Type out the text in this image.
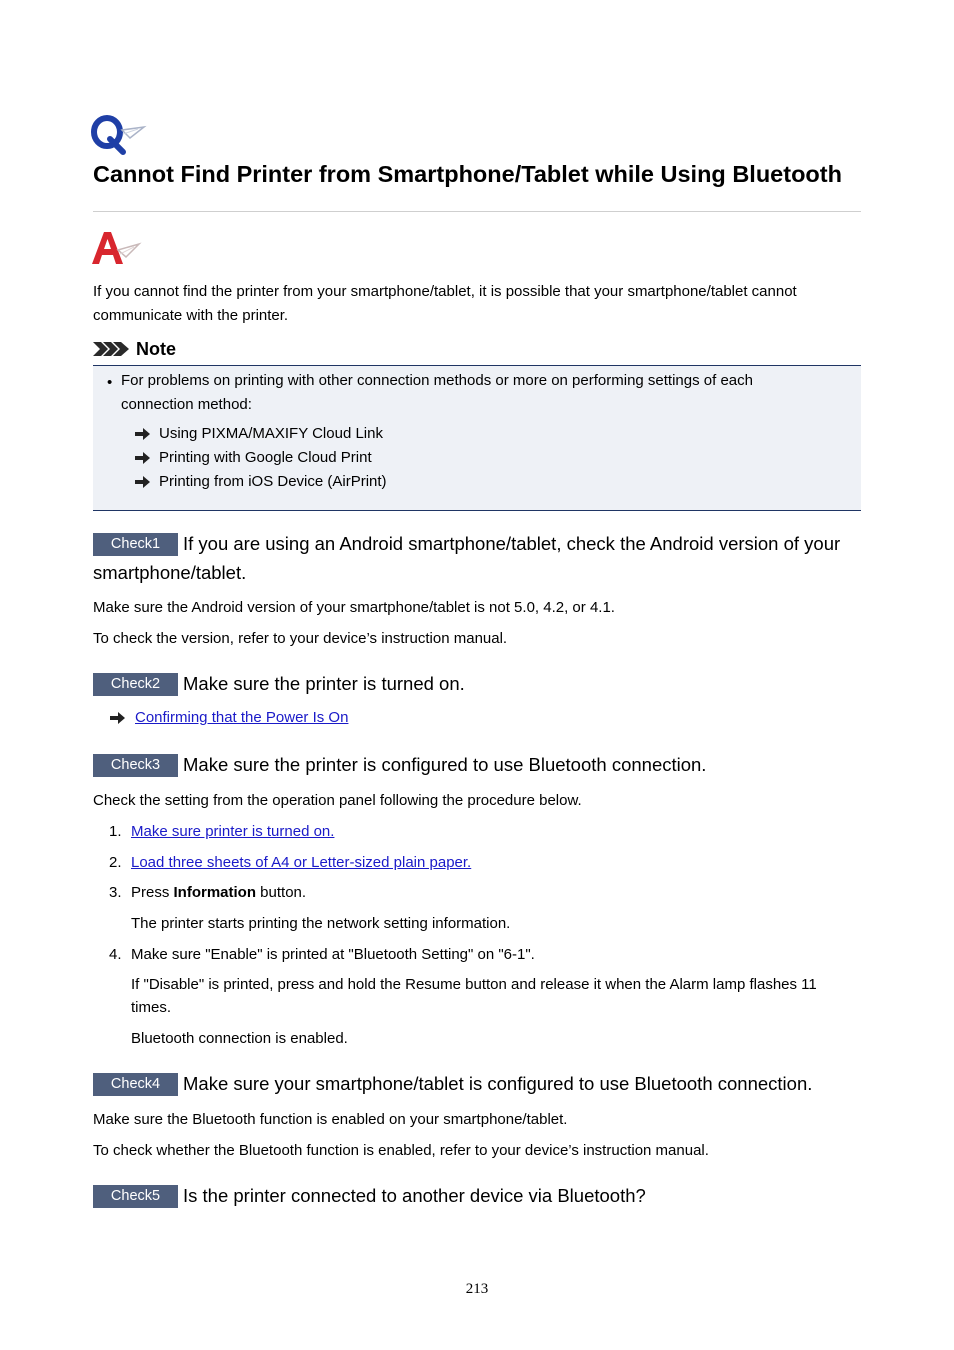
Cannot Find Printer from Smartphone/Tablet while Using Bluetooth

If you cannot find the printer from your smartphone/tablet, it is possible that your smartphone/tablet cannot communicate with the printer.

Note
• For problems on printing with other connection methods or more on performing settings of each connection method:

Using PIXMA/MAXIFY Cloud Link
Printing with Google Cloud Print
Printing from iOS Device (AirPrint)
Check1	If you are using an Android smartphone/tablet, check the Android version of your smartphone/tablet.

Make sure the Android version of your smartphone/tablet is not 5.0, 4.2, or 4.1.

To check the version, refer to your device’s instruction manual.

Check2	Make sure the printer is turned on.

Confirming that the Power Is On
Check3	Make sure the printer is configured to use Bluetooth connection.

Check the setting from the operation panel following the procedure below.

1. Make sure printer is turned on.
2. Load three sheets of A4 or Letter-sized plain paper.
3. Press Information button.

The printer starts printing the network setting information.

4. Make sure "Enable" is printed at "Bluetooth Setting" on "6-1".

If "Disable" is printed, press and hold the Resume button and release it when the Alarm lamp flashes 11 times.

Bluetooth connection is enabled.

Check4	Make sure your smartphone/tablet is configured to use Bluetooth connection.

Make sure the Bluetooth function is enabled on your smartphone/tablet.

To check whether the Bluetooth function is enabled, refer to your device’s instruction manual.

Check5	Is the printer connected to another device via Bluetooth?

213
